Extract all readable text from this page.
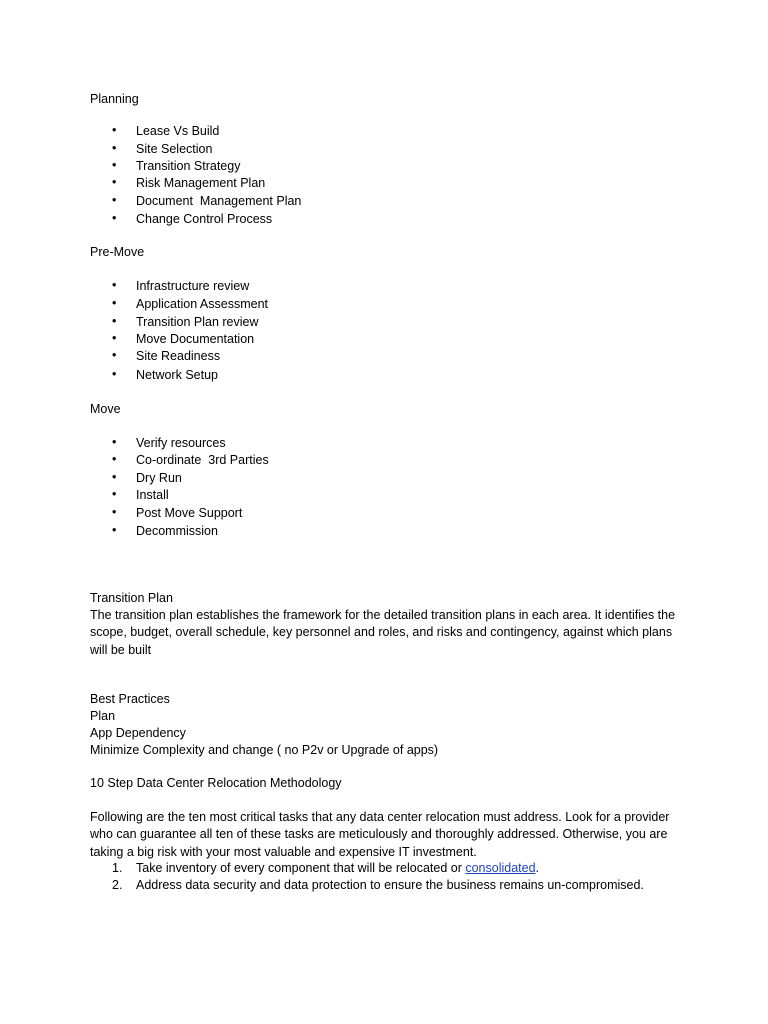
Planning
• Lease Vs Build
• Site Selection
• Transition Strategy
• Risk Management Plan
• Document  Management Plan
• Change Control Process
Pre-Move
• Infrastructure review
• Application Assessment
• Transition Plan review
• Move Documentation
• Site Readiness
• Network Setup
Move
• Verify resources
• Co-ordinate  3rd Parties
• Dry Run
• Install
• Post Move Support
• Decommission
Transition Plan
The transition plan establishes the framework for the detailed transition plans in each area. It identifies the scope, budget, overall schedule, key personnel and roles, and risks and contingency, against which plans will be built
Best Practices
Plan
App Dependency
Minimize Complexity and change ( no P2v or Upgrade of apps)
10 Step Data Center Relocation Methodology
Following are the ten most critical tasks that any data center relocation must address. Look for a provider who can guarantee all ten of these tasks are meticulously and thoroughly addressed. Otherwise, you are taking a big risk with your most valuable and expensive IT investment.
1. Take inventory of every component that will be relocated or consolidated.
2. Address data security and data protection to ensure the business remains un-compromised.
